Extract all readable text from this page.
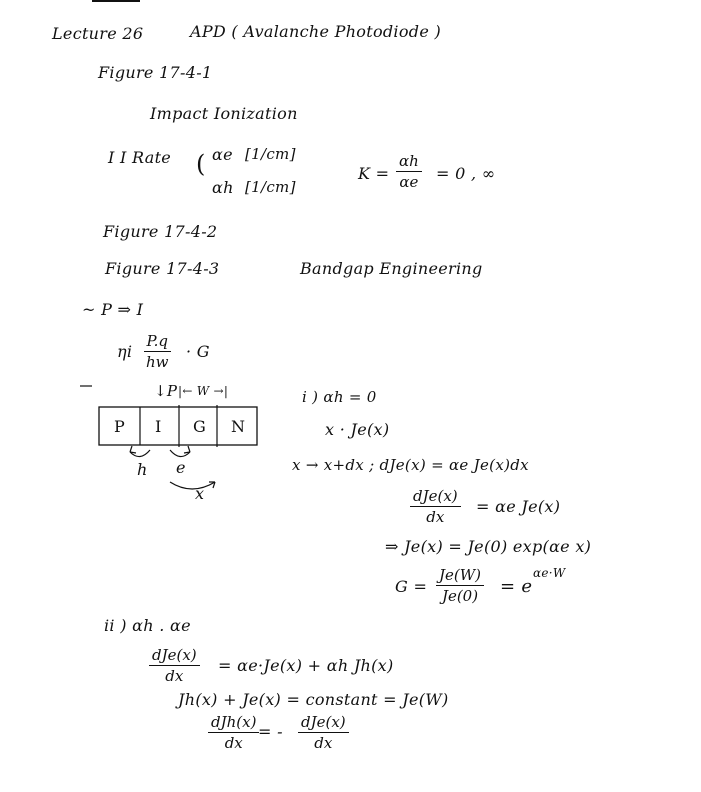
Lecture 26	APD ( Avalanche Photodiode )
Figure 17-4-1
Impact Ionization
I I Rate ( αe [1/cm]
αh [1/cm]
$K = \frac{\alpha h}{\alpha e} = 0$ , ∞
Figure 17-4-2
Figure 17-4-3	Bandgap Engineering
~ P ⇒ I
ηi $\frac{P.q}{hw} \cdot G$
↓P |← W →|
P I G N
h e
x
i ) αh = 0
x · Je(x)
x → x+dx ; dJe(x) = αe Je(x)dx
dJe(x)
dx
= αe Je(x)
⇒ Je(x) = Je(0) exp(αe x)
$G = \frac{Je(W)}{Je(0)} = e$
αe·W
ii ) αh . αe
dJe(x)
dx
= αe·Je(x) + αh Jh(x)
Jh(x) + Je(x) = constant = Je(W)
dJh(x)
dx
= - dJe(x)
dx
